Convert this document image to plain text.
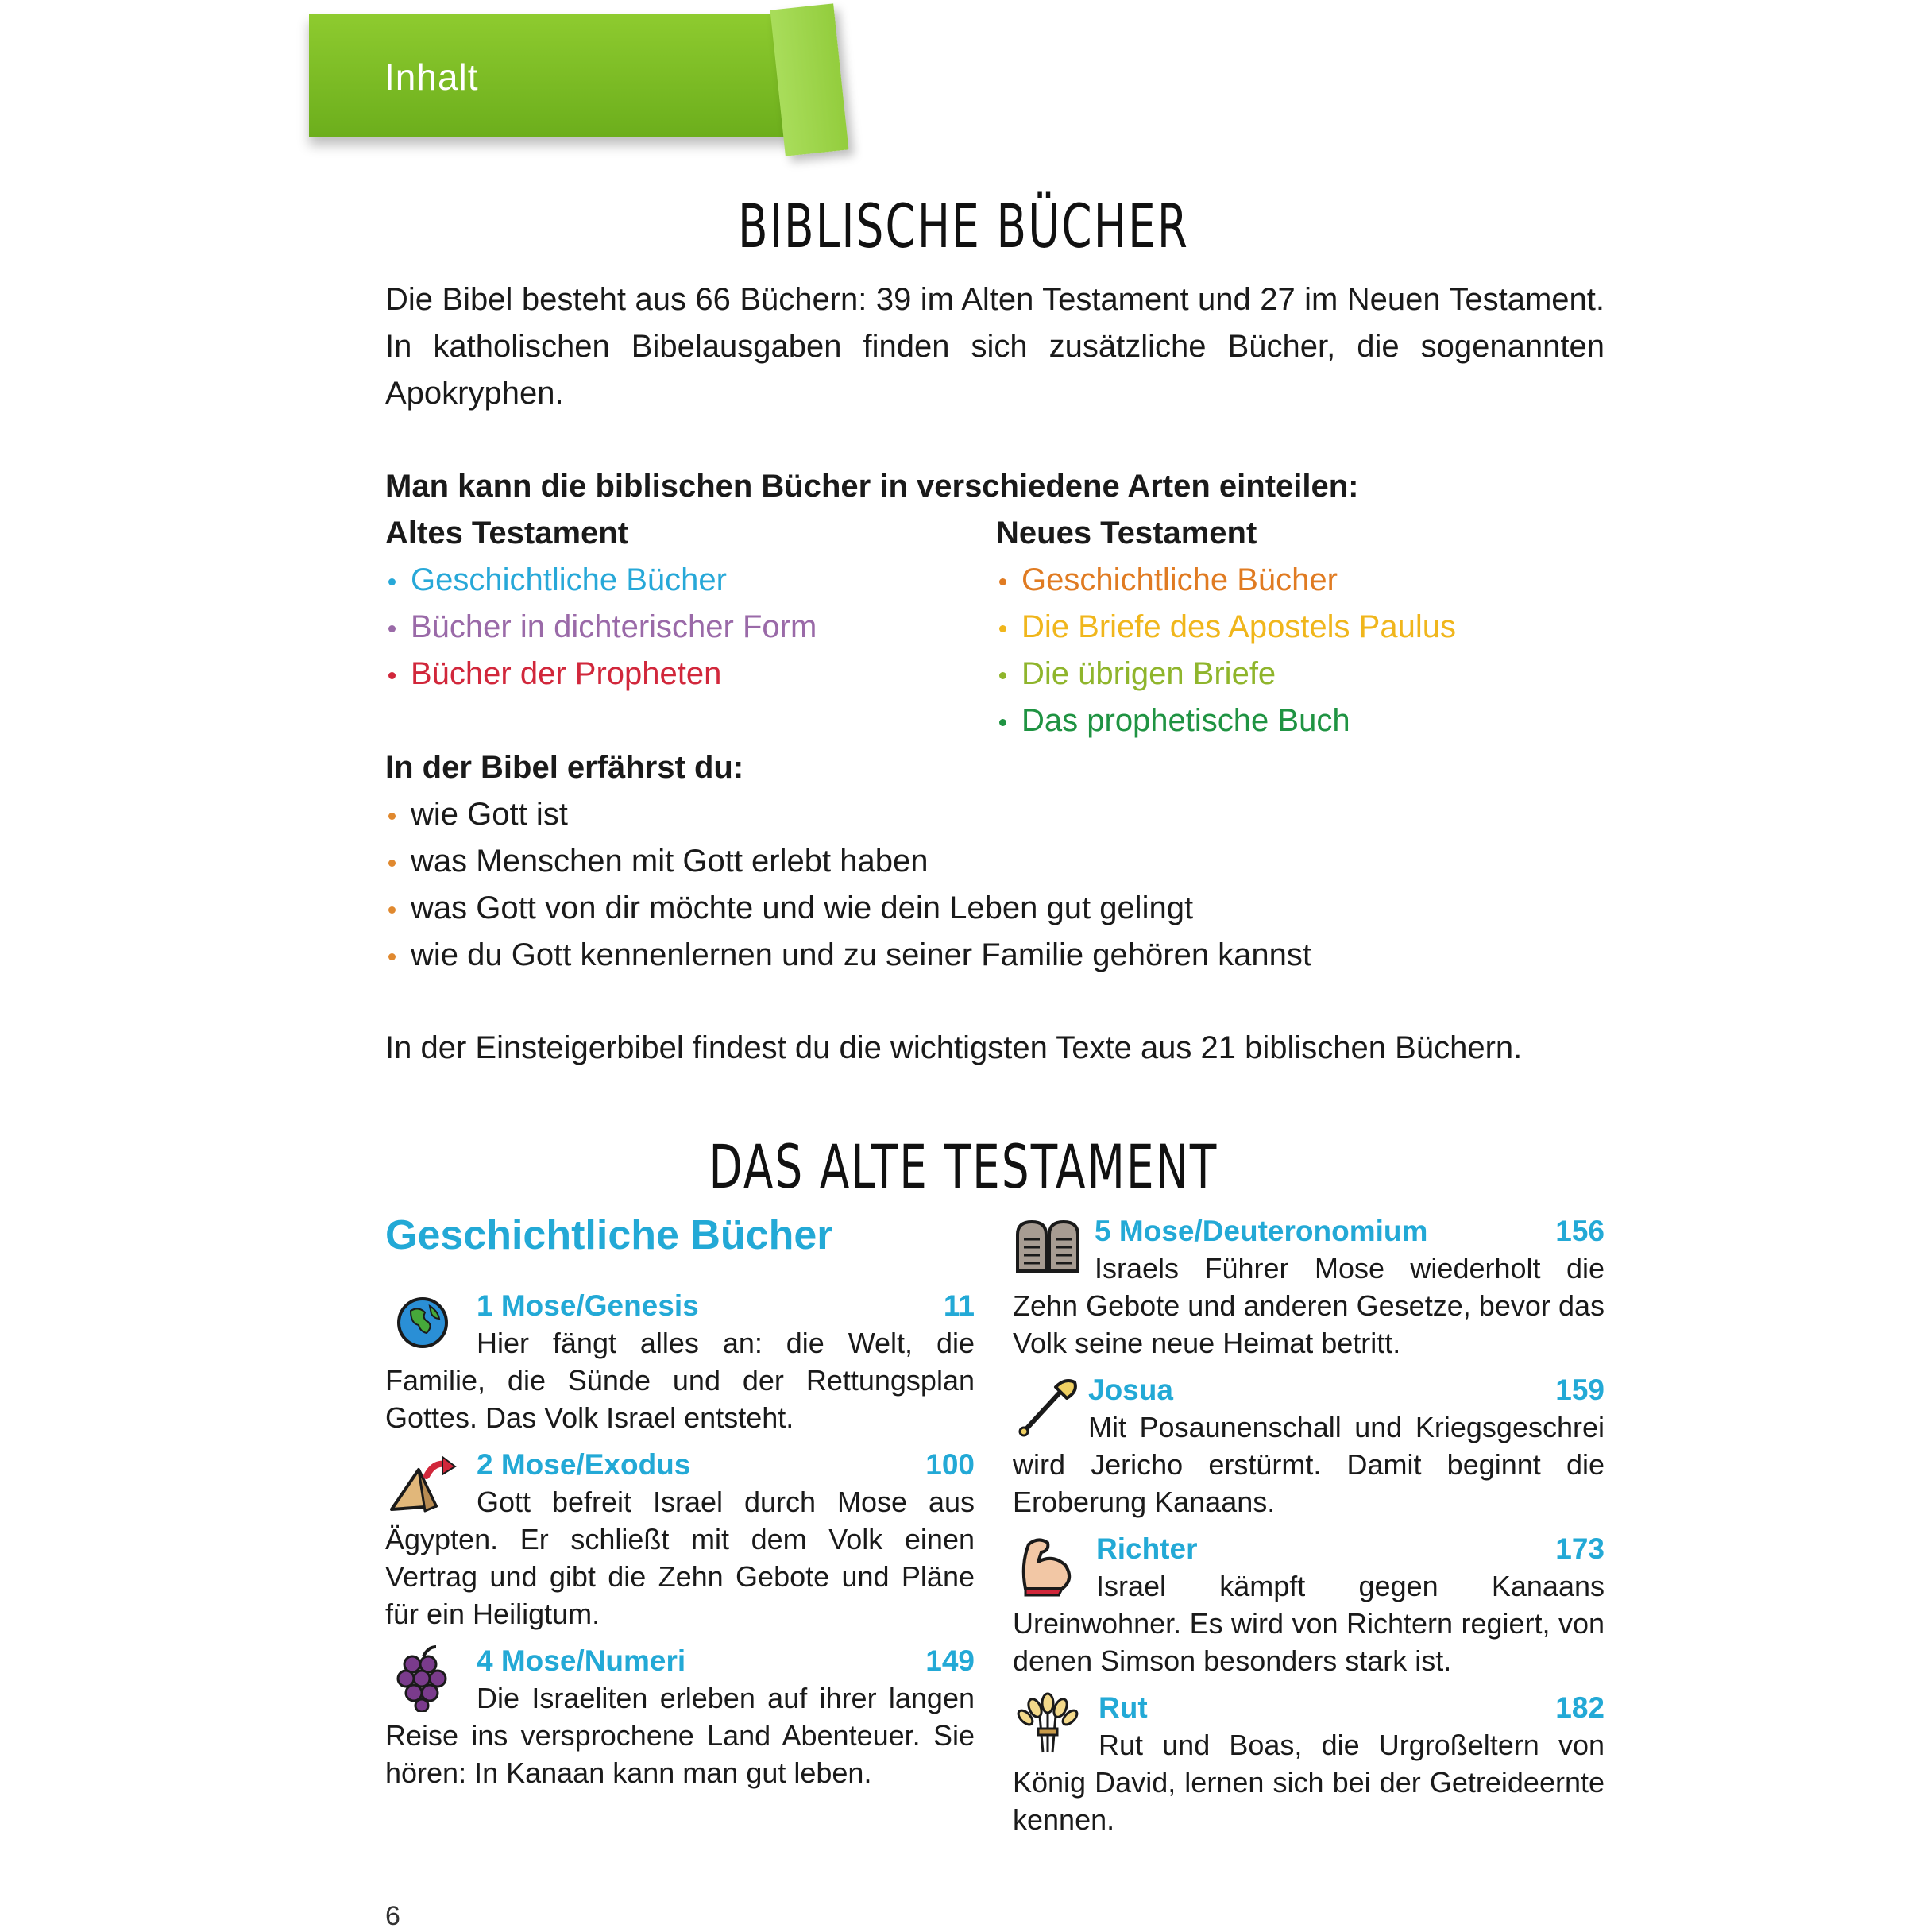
Inhalt
BIBLISCHE BÜCHER

Die Bibel besteht aus 66 Büchern: 39 im Alten Testament und 27 im Neuen Testament. In katholischen Bibelausgaben finden sich zusätzliche Bücher, die sogenannten Apokryphen.

Man kann die biblischen Bücher in verschiedene Arten einteilen:

Altes Testament

Geschichtliche Bücher
Bücher in dichterischer Form
Bücher der Propheten

Neues Testament

Geschichtliche Bücher
Die Briefe des Apostels Paulus
Die übrigen Briefe
Das prophetische Buch

In der Bibel erfährst du:

wie Gott ist
was Menschen mit Gott erlebt haben
was Gott von dir möchte und wie dein Leben gut gelingt
wie du Gott kennenlernen und zu seiner Familie gehören kannst

In der Einsteigerbibel findest du die wichtigsten Texte aus 21 biblischen Büchern.

DAS ALTE TESTAMENT
Geschichtliche Bücher
1 Mose/Genesis	11

Hier fängt alles an: die Welt, die Familie, die Sünde und der Rettungsplan Gottes. Das Volk Israel entsteht.

2 Mose/Exodus	100

Gott befreit Israel durch Mose aus Ägypten. Er schließt mit dem Volk einen Vertrag und gibt die Zehn Gebote und Pläne für ein Heiligtum.

4 Mose/Numeri	149

Die Israeliten erleben auf ihrer langen Reise ins versprochene Land Abenteuer. Sie hören: In Kanaan kann man gut leben.

5 Mose/Deuteronomium	156

Israels Führer Mose wiederholt die Zehn Gebote und anderen Gesetze, bevor das Volk seine neue Heimat betritt.

Josua	159

Mit Posaunenschall und Kriegsgeschrei wird Jericho erstürmt. Damit beginnt die Eroberung Kanaans.

Richter	173

Israel kämpft gegen Kanaans Ureinwohner. Es wird von Richtern regiert, von denen Simson besonders stark ist.

Rut	182

Rut und Boas, die Urgroßeltern von König David, lernen sich bei der Getreideernte kennen.

6
